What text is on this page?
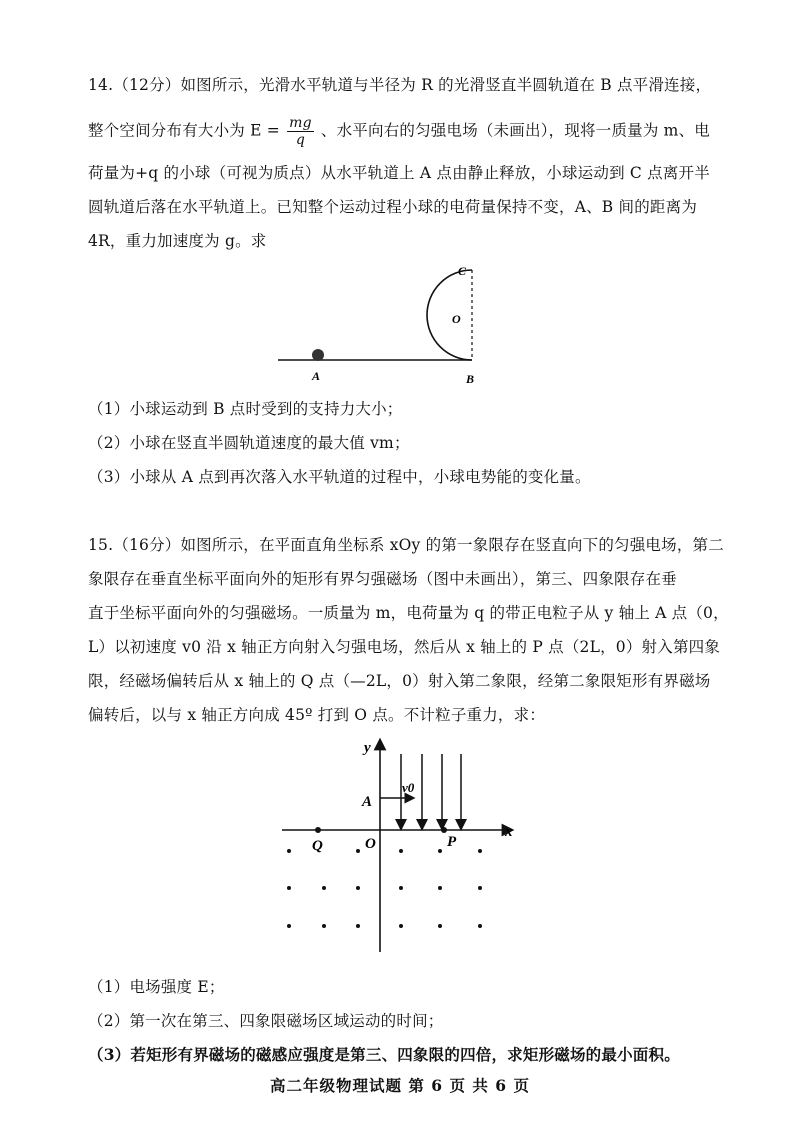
14.（12分）如图所示，光滑水平轨道与半径为 R 的光滑竖直半圆轨道在 B 点平滑连接，
整个空间分布有大小为 $E = \frac{mg}{q}$ 、水平向右的匀强电场（未画出），现将一质量为 m、电
荷量为+q 的小球（可视为质点）从水平轨道上 A 点由静止释放，小球运动到 C 点离开半
圆轨道后落在水平轨道上。已知整个运动过程小球的电荷量保持不变，A、B 间的距离为
4R，重力加速度为 g。求
C
O
A	B
（1）小球运动到 B 点时受到的支持力大小；
（2）小球在竖直半圆轨道速度的最大值 vm；
（3）小球从 A 点到再次落入水平轨道的过程中，小球电势能的变化量。
15.（16分）如图所示，在平面直角坐标系 xOy 的第一象限存在竖直向下的匀强电场，第二
象限存在垂直坐标平面向外的矩形有界匀强磁场（图中未画出），第三、四象限存在垂
直于坐标平面向外的匀强磁场。一质量为 m，电荷量为 q 的带正电粒子从 y 轴上 A 点（0，
L）以初速度 v0 沿 x 轴正方向射入匀强电场，然后从 x 轴上的 P 点（2L，0）射入第四象
限，经磁场偏转后从 x 轴上的 Q 点（—2L，0）射入第二象限，经第二象限矩形有界磁场
偏转后，以与 x 轴正方向成 45º 打到 O 点。不计粒子重力，求：
y
x
A
v0
Q	O	P
（1）电场强度 E；
（2）第一次在第三、四象限磁场区域运动的时间；
（3）若矩形有界磁场的磁感应强度是第三、四象限的四倍，求矩形磁场的最小面积。
高二年级物理试题 第 6 页 共 6 页
